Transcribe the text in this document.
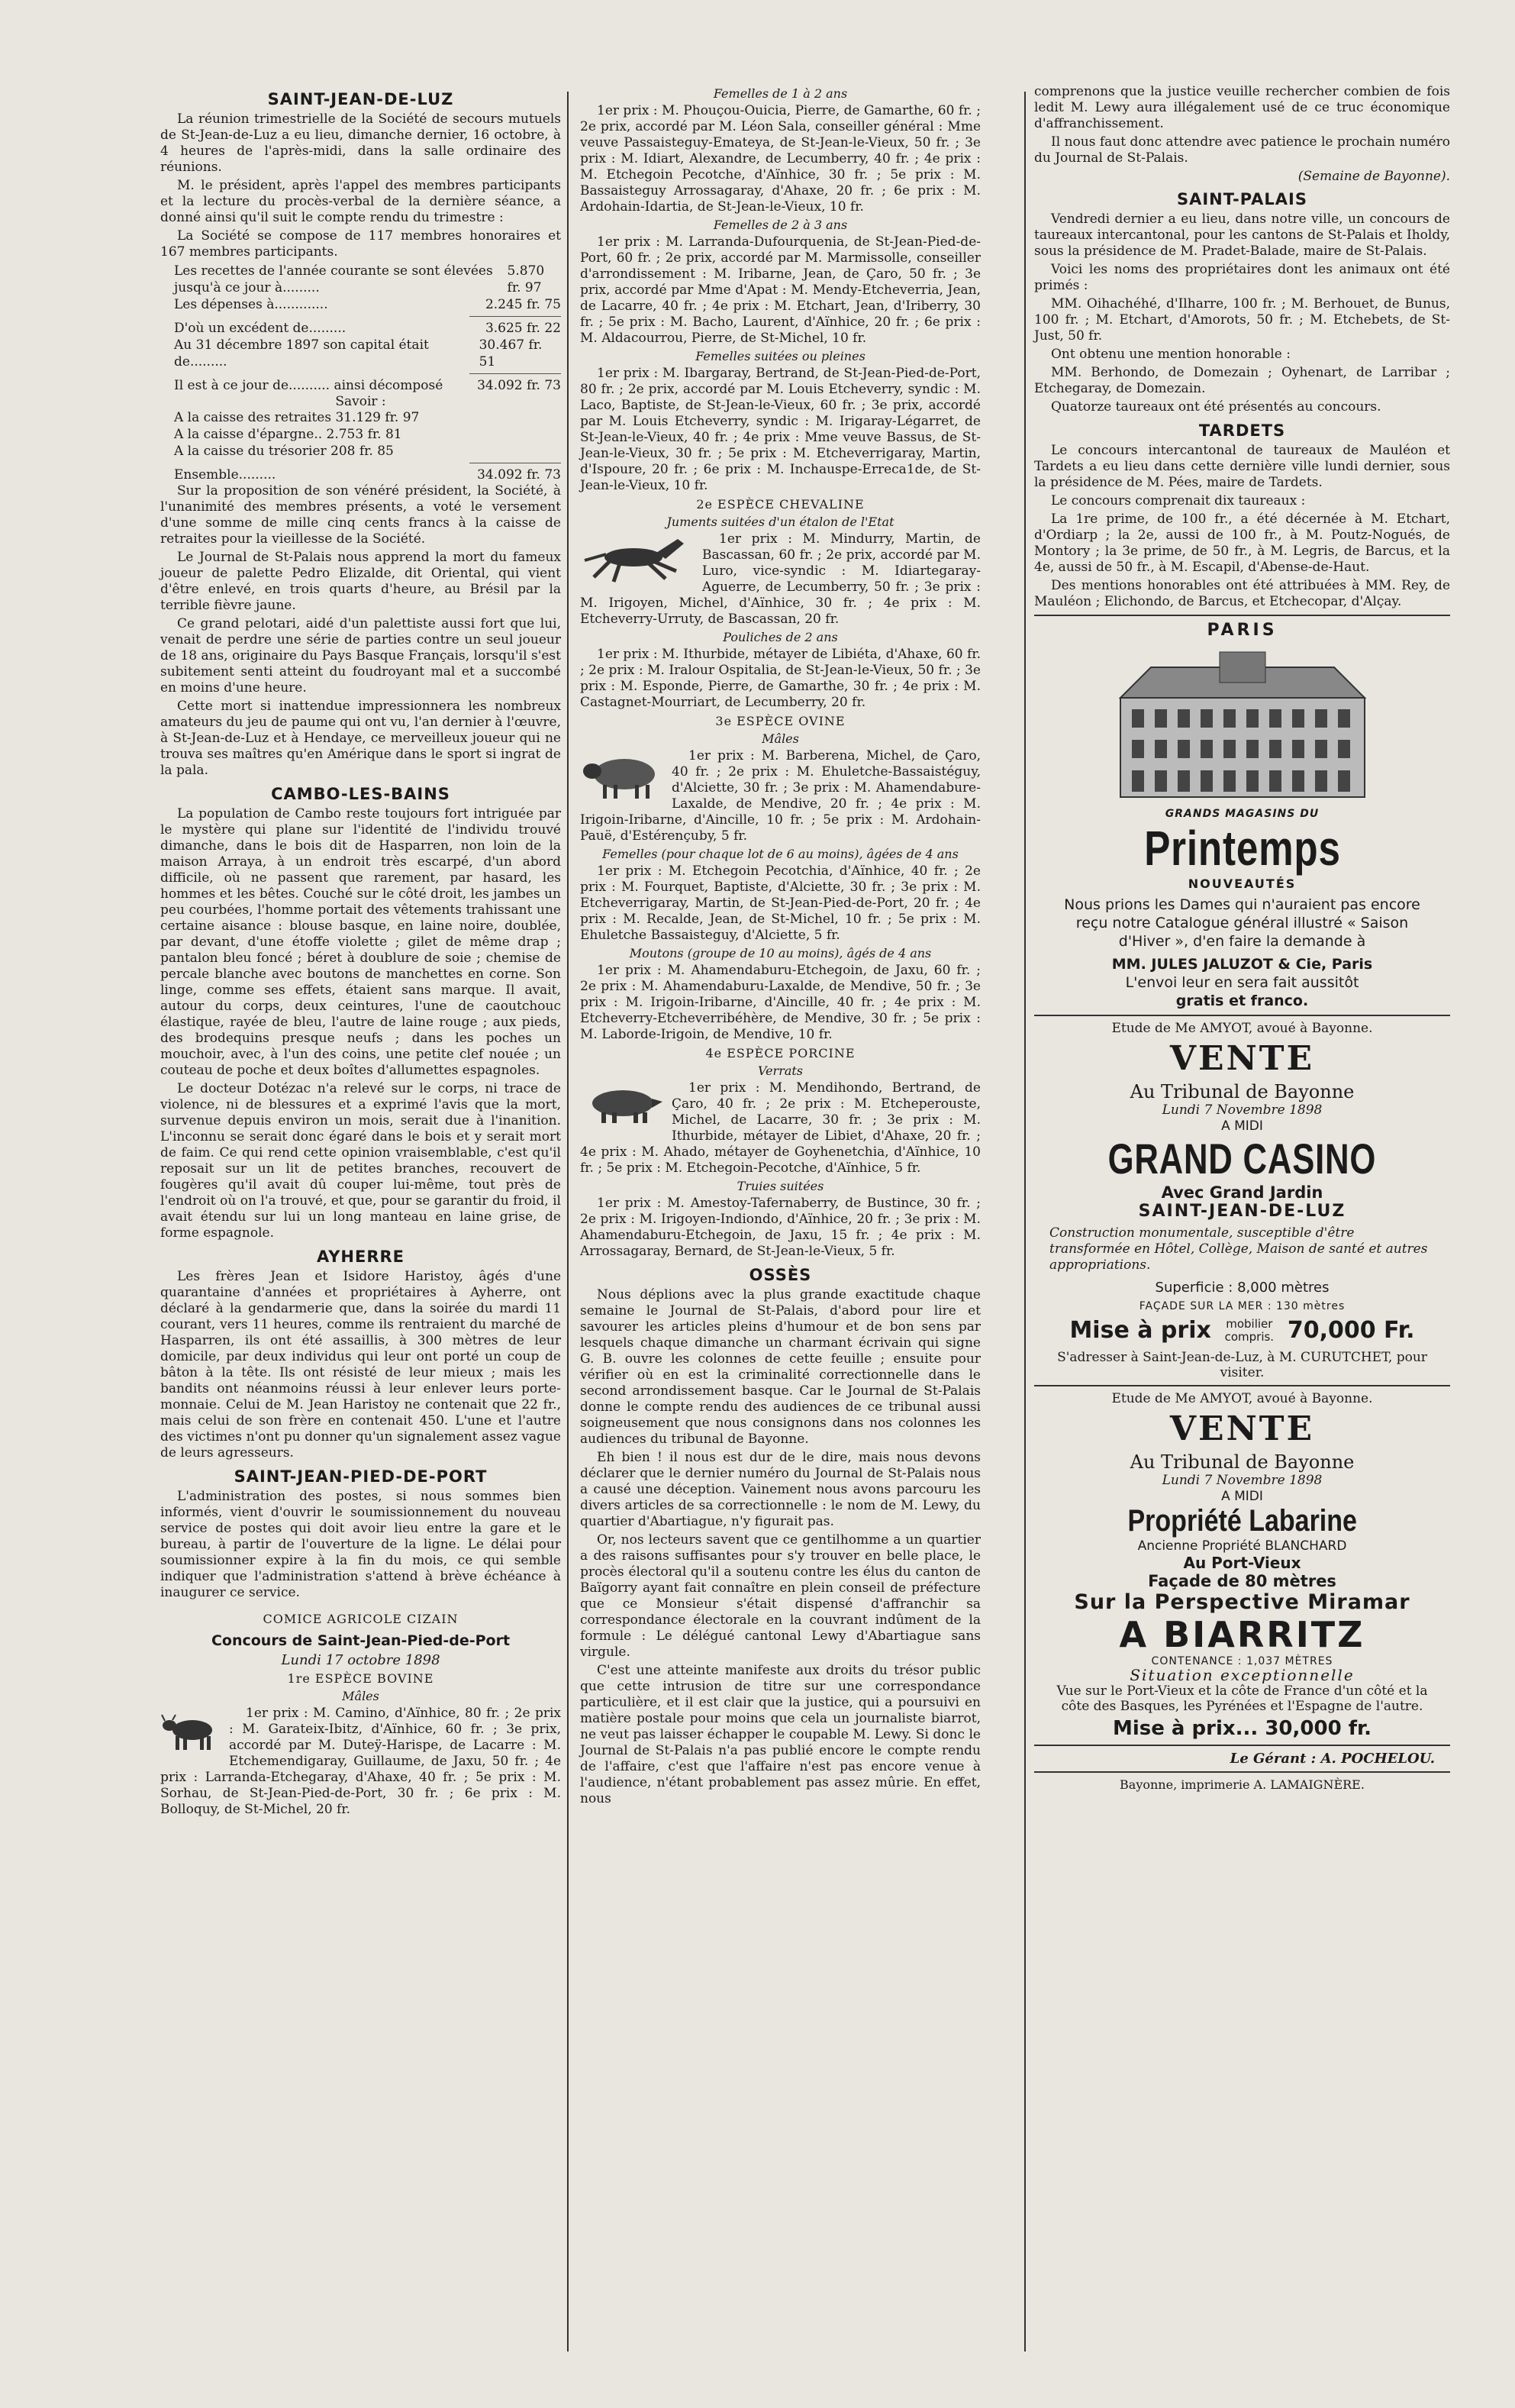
SAINT-JEAN-DE-LUZ

La réunion trimestrielle de la Société de secours mutuels de St-Jean-de-Luz a eu lieu, dimanche dernier, 16 octobre, à 4 heures de l'après-midi, dans la salle ordinaire des réunions.

M. le président, après l'appel des membres participants et la lecture du procès-verbal de la dernière séance, a donné ainsi qu'il suit le compte rendu du trimestre :

La Société se compose de 117 membres honoraires et 167 membres participants.

Les recettes de l'année courante se sont élevées jusqu'à ce jour à.........
5.870 fr. 97
Les dépenses à.............	2.245 fr. 75
D'où un excédent de.........	3.625 fr. 22
Au 31 décembre 1897 son capital était de.........
30.467 fr. 51
Il est à ce jour de.......... ainsi décomposé	34.092 fr. 73
Savoir :
A la caisse des retraites 31.129 fr. 97
A la caisse d'épargne.. 2.753 fr. 81
A la caisse du trésorier 208 fr. 85
Ensemble.........	34.092 fr. 73

Sur la proposition de son vénéré président, la Société, à l'unanimité des membres présents, a voté le versement d'une somme de mille cinq cents francs à la caisse de retraites pour la vieillesse de la Société.

Le Journal de St-Palais nous apprend la mort du fameux joueur de palette Pedro Elizalde, dit Oriental, qui vient d'être enlevé, en trois quarts d'heure, au Brésil par la terrible fièvre jaune.

Ce grand pelotari, aidé d'un palettiste aussi fort que lui, venait de perdre une série de parties contre un seul joueur de 18 ans, originaire du Pays Basque Français, lorsqu'il s'est subitement senti atteint du foudroyant mal et a succombé en moins d'une heure.

Cette mort si inattendue impressionnera les nombreux amateurs du jeu de paume qui ont vu, l'an dernier à l'œuvre, à St-Jean-de-Luz et à Hendaye, ce merveilleux joueur qui ne trouva ses maîtres qu'en Amérique dans le sport si ingrat de la pala.

CAMBO-LES-BAINS

La population de Cambo reste toujours fort intriguée par le mystère qui plane sur l'identité de l'individu trouvé dimanche, dans le bois dit de Hasparren, non loin de la maison Arraya, à un endroit très escarpé, d'un abord difficile, où ne passent que rarement, par hasard, les hommes et les bêtes. Couché sur le côté droit, les jambes un peu courbées, l'homme portait des vêtements trahissant une certaine aisance : blouse basque, en laine noire, doublée, par devant, d'une étoffe violette ; gilet de même drap ; pantalon bleu foncé ; béret à doublure de soie ; chemise de percale blanche avec boutons de manchettes en corne. Son linge, comme ses effets, étaient sans marque. Il avait, autour du corps, deux ceintures, l'une de caoutchouc élastique, rayée de bleu, l'autre de laine rouge ; aux pieds, des brodequins presque neufs ; dans les poches un mouchoir, avec, à l'un des coins, une petite clef nouée ; un couteau de poche et deux boîtes d'allumettes espagnoles.

Le docteur Dotézac n'a relevé sur le corps, ni trace de violence, ni de blessures et a exprimé l'avis que la mort, survenue depuis environ un mois, serait due à l'inanition. L'inconnu se serait donc égaré dans le bois et y serait mort de faim. Ce qui rend cette opinion vraisemblable, c'est qu'il reposait sur un lit de petites branches, recouvert de fougères qu'il avait dû couper lui-même, tout près de l'endroit où on l'a trouvé, et que, pour se garantir du froid, il avait étendu sur lui un long manteau en laine grise, de forme espagnole.

AYHERRE

Les frères Jean et Isidore Haristoy, âgés d'une quarantaine d'années et propriétaires à Ayherre, ont déclaré à la gendarmerie que, dans la soirée du mardi 11 courant, vers 11 heures, comme ils rentraient du marché de Hasparren, ils ont été assaillis, à 300 mètres de leur domicile, par deux individus qui leur ont porté un coup de bâton à la tête. Ils ont résisté de leur mieux ; mais les bandits ont néanmoins réussi à leur enlever leurs porte-monnaie. Celui de M. Jean Haristoy ne contenait que 22 fr., mais celui de son frère en contenait 450. L'une et l'autre des victimes n'ont pu donner qu'un signalement assez vague de leurs agresseurs.

SAINT-JEAN-PIED-DE-PORT

L'administration des postes, si nous sommes bien informés, vient d'ouvrir le soumissionnement du nouveau service de postes qui doit avoir lieu entre la gare et le bureau, à partir de l'ouverture de la ligne. Le délai pour soumissionner expire à la fin du mois, ce qui semble indiquer que l'administration s'attend à brève échéance à inaugurer ce service.

COMICE AGRICOLE CIZAIN
Concours de Saint-Jean-Pied-de-Port
Lundi 17 octobre 1898
1re ESPÈCE BOVINE
Mâles

1er prix : M. Camino, d'Aïnhice, 80 fr. ; 2e prix : M. Garateix-Ibitz, d'Aïnhice, 60 fr. ; 3e prix, accordé par M. Duteÿ-Harispe, de Lacarre : M. Etchemendigaray, Guillaume, de Jaxu, 50 fr. ; 4e prix : Larranda-Etchegaray, d'Ahaxe, 40 fr. ; 5e prix : M. Sorhau, de St-Jean-Pied-de-Port, 30 fr. ; 6e prix : M. Bolloquy, de St-Michel, 20 fr.

Femelles de 1 à 2 ans

1er prix : M. Phouçou-Ouicia, Pierre, de Gamarthe, 60 fr. ; 2e prix, accordé par M. Léon Sala, conseiller général : Mme veuve Passaisteguy-Emateya, de St-Jean-le-Vieux, 50 fr. ; 3e prix : M. Idiart, Alexandre, de Lecumberry, 40 fr. ; 4e prix : M. Etchegoin Pecotche, d'Aïnhice, 30 fr. ; 5e prix : M. Bassaisteguy Arrossagaray, d'Ahaxe, 20 fr. ; 6e prix : M. Ardohain-Idartia, de St-Jean-le-Vieux, 10 fr.

Femelles de 2 à 3 ans

1er prix : M. Larranda-Dufourquenia, de St-Jean-Pied-de-Port, 60 fr. ; 2e prix, accordé par M. Marmissolle, conseiller d'arrondissement : M. Iribarne, Jean, de Çaro, 50 fr. ; 3e prix, accordé par Mme d'Apat : M. Mendy-Etcheverria, Jean, de Lacarre, 40 fr. ; 4e prix : M. Etchart, Jean, d'Iriberry, 30 fr. ; 5e prix : M. Bacho, Laurent, d'Aïnhice, 20 fr. ; 6e prix : M. Aldacourrou, Pierre, de St-Michel, 10 fr.

Femelles suitées ou pleines

1er prix : M. Ibargaray, Bertrand, de St-Jean-Pied-de-Port, 80 fr. ; 2e prix, accordé par M. Louis Etcheverry, syndic : M. Laco, Baptiste, de St-Jean-le-Vieux, 60 fr. ; 3e prix, accordé par M. Louis Etcheverry, syndic : M. Irigaray-Légarret, de St-Jean-le-Vieux, 40 fr. ; 4e prix : Mme veuve Bassus, de St-Jean-le-Vieux, 30 fr. ; 5e prix : M. Etcheverrigaray, Martin, d'Ispoure, 20 fr. ; 6e prix : M. Inchauspe-Erreca1de, de St-Jean-le-Vieux, 10 fr.

2e ESPÈCE CHEVALINE
Juments suitées d'un étalon de l'Etat

1er prix : M. Mindurry, Martin, de Bascassan, 60 fr. ; 2e prix, accordé par M. Luro, vice-syndic : M. Idiartegaray-Aguerre, de Lecumberry, 50 fr. ; 3e prix : M. Irigoyen, Michel, d'Aïnhice, 30 fr. ; 4e prix : M. Etcheverry-Urruty, de Bascassan, 20 fr.

Pouliches de 2 ans

1er prix : M. Ithurbide, métayer de Libiéta, d'Ahaxe, 60 fr. ; 2e prix : M. Iralour Ospitalia, de St-Jean-le-Vieux, 50 fr. ; 3e prix : M. Esponde, Pierre, de Gamarthe, 30 fr. ; 4e prix : M. Castagnet-Mourriart, de Lecumberry, 20 fr.

3e ESPÈCE OVINE
Mâles

1er prix : M. Barberena, Michel, de Çaro, 40 fr. ; 2e prix : M. Ehuletche-Bassaistéguy, d'Alciette, 30 fr. ; 3e prix : M. Ahamendabure-Laxalde, de Mendive, 20 fr. ; 4e prix : M. Irigoin-Iribarne, d'Aincille, 10 fr. ; 5e prix : M. Ardohain-Pauë, d'Estérençuby, 5 fr.

Femelles (pour chaque lot de 6 au moins), âgées de 4 ans

1er prix : M. Etchegoin Pecotchia, d'Aïnhice, 40 fr. ; 2e prix : M. Fourquet, Baptiste, d'Alciette, 30 fr. ; 3e prix : M. Etcheverrigaray, Martin, de St-Jean-Pied-de-Port, 20 fr. ; 4e prix : M. Recalde, Jean, de St-Michel, 10 fr. ; 5e prix : M. Ehuletche Bassaisteguy, d'Alciette, 5 fr.

Moutons (groupe de 10 au moins), âgés de 4 ans

1er prix : M. Ahamendaburu-Etchegoin, de Jaxu, 60 fr. ; 2e prix : M. Ahamendaburu-Laxalde, de Mendive, 50 fr. ; 3e prix : M. Irigoin-Iribarne, d'Aincille, 40 fr. ; 4e prix : M. Etcheverry-Etcheverribéhère, de Mendive, 30 fr. ; 5e prix : M. Laborde-Irigoin, de Mendive, 10 fr.

4e ESPÈCE PORCINE
Verrats

1er prix : M. Mendihondo, Bertrand, de Çaro, 40 fr. ; 2e prix : M. Etcheperouste, Michel, de Lacarre, 30 fr. ; 3e prix : M. Ithurbide, métayer de Libiet, d'Ahaxe, 20 fr. ; 4e prix : M. Ahado, métayer de Goyhenetchia, d'Aïnhice, 10 fr. ; 5e prix : M. Etchegoin-Pecotche, d'Aïnhice, 5 fr.

Truies suitées

1er prix : M. Amestoy-Tafernaberry, de Bustince, 30 fr. ; 2e prix : M. Irigoyen-Indiondo, d'Aïnhice, 20 fr. ; 3e prix : M. Ahamendaburu-Etchegoin, de Jaxu, 15 fr. ; 4e prix : M. Arrossagaray, Bernard, de St-Jean-le-Vieux, 5 fr.

OSSÈS

Nous déplions avec la plus grande exactitude chaque semaine le Journal de St-Palais, d'abord pour lire et savourer les articles pleins d'humour et de bon sens par lesquels chaque dimanche un charmant écrivain qui signe G. B. ouvre les colonnes de cette feuille ; ensuite pour vérifier où en est la criminalité correctionnelle dans le second arrondissement basque. Car le Journal de St-Palais donne le compte rendu des audiences de ce tribunal aussi soigneusement que nous consignons dans nos colonnes les audiences du tribunal de Bayonne.

Eh bien ! il nous est dur de le dire, mais nous devons déclarer que le dernier numéro du Journal de St-Palais nous a causé une déception. Vainement nous avons parcouru les divers articles de sa correctionnelle : le nom de M. Lewy, du quartier d'Abartiague, n'y figurait pas.

Or, nos lecteurs savent que ce gentilhomme a un quartier a des raisons suffisantes pour s'y trouver en belle place, le procès électoral qu'il a soutenu contre les élus du canton de Baïgorry ayant fait connaître en plein conseil de préfecture que ce Monsieur s'était dispensé d'affranchir sa correspondance électorale en la couvrant indûment de la formule : Le délégué cantonal Lewy d'Abartiague sans virgule.

C'est une atteinte manifeste aux droits du trésor public que cette intrusion de titre sur une correspondance particulière, et il est clair que la justice, qui a poursuivi en matière postale pour moins que cela un journaliste biarrot, ne veut pas laisser échapper le coupable M. Lewy. Si donc le Journal de St-Palais n'a pas publié encore le compte rendu de l'affaire, c'est que l'affaire n'est pas encore venue à l'audience, n'étant probablement pas assez mûrie. En effet, nous

comprenons que la justice veuille rechercher combien de fois ledit M. Lewy aura illégalement usé de ce truc économique d'affranchissement.

Il nous faut donc attendre avec patience le prochain numéro du Journal de St-Palais.

(Semaine de Bayonne).
SAINT-PALAIS

Vendredi dernier a eu lieu, dans notre ville, un concours de taureaux intercantonal, pour les cantons de St-Palais et Iholdy, sous la présidence de M. Pradet-Balade, maire de St-Palais.

Voici les noms des propriétaires dont les animaux ont été primés :

MM. Oihachéhé, d'Ilharre, 100 fr. ; M. Berhouet, de Bunus, 100 fr. ; M. Etchart, d'Amorots, 50 fr. ; M. Etchebets, de St-Just, 50 fr.

Ont obtenu une mention honorable :

MM. Berhondo, de Domezain ; Oyhenart, de Larribar ; Etchegaray, de Domezain.

Quatorze taureaux ont été présentés au concours.

TARDETS

Le concours intercantonal de taureaux de Mauléon et Tardets a eu lieu dans cette dernière ville lundi dernier, sous la présidence de M. Pées, maire de Tardets.

Le concours comprenait dix taureaux :

La 1re prime, de 100 fr., a été décernée à M. Etchart, d'Ordiarp ; la 2e, aussi de 100 fr., à M. Poutz-Nogués, de Montory ; la 3e prime, de 50 fr., à M. Legris, de Barcus, et la 4e, aussi de 50 fr., à M. Escapil, d'Abense-de-Haut.

Des mentions honorables ont été attribuées à MM. Rey, de Mauléon ; Elichondo, de Barcus, et Etchecopar, d'Alçay.

PARIS
GRANDS MAGASINS DU
Printemps
NOUVEAUTÉS
Nous prions les Dames qui n'auraient pas encore reçu notre Catalogue général illustré « Saison d'Hiver », d'en faire la demande à
MM. JULES JALUZOT & Cie, Paris
L'envoi leur en sera fait aussitôt
gratis et franco.
Etude de Me AMYOT, avoué à Bayonne.
VENTE
Au Tribunal de Bayonne
Lundi 7 Novembre 1898
A MIDI
GRAND CASINO
Avec Grand Jardin
SAINT-JEAN-DE-LUZ
Construction monumentale, susceptible d'être transformée en Hôtel, Collège, Maison de santé et autres appropriations.
Superficie : 8,000 mètres
FAÇADE SUR LA MER : 130 mètres
Mise à prix	mobilier compris. 70,000 Fr.
S'adresser à Saint-Jean-de-Luz, à M. CURUTCHET, pour visiter.
Etude de Me AMYOT, avoué à Bayonne.
VENTE
Au Tribunal de Bayonne
Lundi 7 Novembre 1898
A MIDI
Propriété Labarine
Ancienne Propriété BLANCHARD
Au Port-Vieux
Façade de 80 mètres
Sur la Perspective Miramar
A BIARRITZ
CONTENANCE : 1,037 MÈTRES
Situation exceptionnelle
Vue sur le Port-Vieux et la côte de France d'un côté et la côte des Basques, les Pyrénées et l'Espagne de l'autre.
Mise à prix... 30,000 fr.
Le Gérant : A. POCHELOU.
Bayonne, imprimerie A. LAMAIGNÈRE.
